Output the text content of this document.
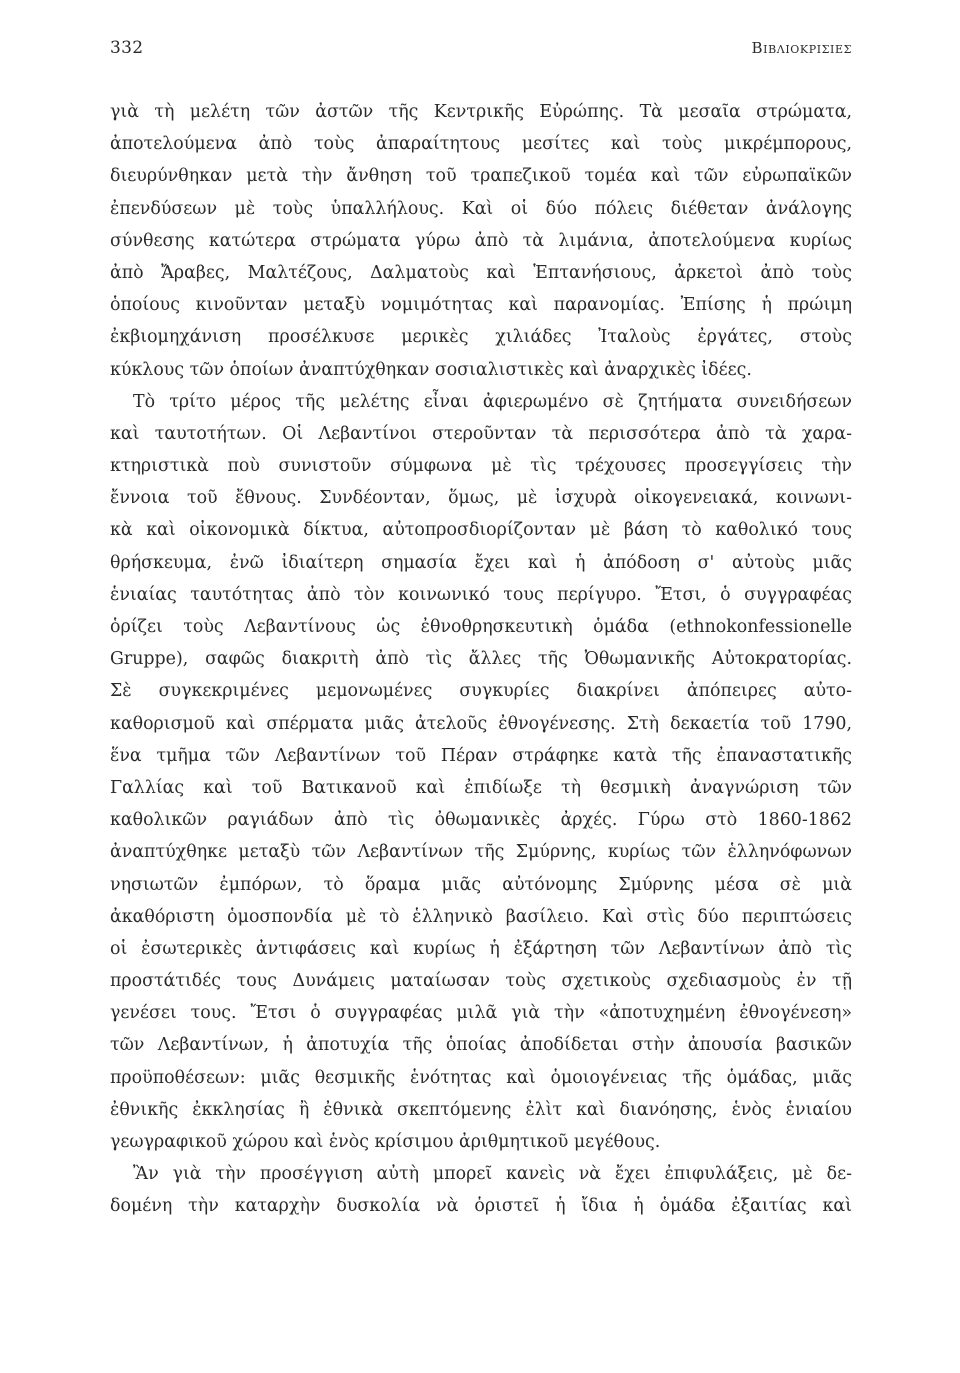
332	Βιβλιοκρισιεσ
γιὰ τὴ μελέτη τῶν ἀστῶν τῆς Κεντρικῆς Εὐρώπης. Τὰ μεσαῖα στρώματα,
ἀποτελούμενα ἀπὸ τοὺς ἀπαραίτητους μεσίτες καὶ τοὺς μικρέμπορους,
διευρύνθηκαν μετὰ τὴν ἄνθηση τοῦ τραπεζικοῦ τομέα καὶ τῶν εὐρωπαϊκῶν
ἐπενδύσεων μὲ τοὺς ὑπαλλήλους. Καὶ οἱ δύο πόλεις διέθεταν ἀνάλογης
σύνθεσης κατώτερα στρώματα γύρω ἀπὸ τὰ λιμάνια, ἀποτελούμενα κυρίως
ἀπὸ Ἄραβες, Μαλτέζους, Δαλματοὺς καὶ Ἑπτανήσιους, ἀρκετοὶ ἀπὸ τοὺς
ὁποίους κινοῦνταν μεταξὺ νομιμότητας καὶ παρανομίας. Ἐπίσης ἡ πρώιμη
ἐκβιομηχάνιση προσέλκυσε μερικὲς χιλιάδες Ἰταλοὺς ἐργάτες, στοὺς
κύκλους τῶν ὁποίων ἀναπτύχθηκαν σοσιαλιστικὲς καὶ ἀναρχικὲς ἰδέες.
Τὸ τρίτο μέρος τῆς μελέτης εἶναι ἀφιερωμένο σὲ ζητήματα συνειδήσεων
καὶ ταυτοτήτων. Οἱ Λεβαντίνοι στεροῦνταν τὰ περισσότερα ἀπὸ τὰ χαρα-
κτηριστικὰ ποὺ συνιστοῦν σύμφωνα μὲ τὶς τρέχουσες προσεγγίσεις τὴν
ἔννοια τοῦ ἔθνους. Συνδέονταν, ὅμως, μὲ ἰσχυρὰ οἰκογενειακά, κοινωνι-
κὰ καὶ οἰκονομικὰ δίκτυα, αὐτοπροσδιορίζονταν μὲ βάση τὸ καθολικό τους
θρήσκευμα, ἐνῶ ἰδιαίτερη σημασία ἔχει καὶ ἡ ἀπόδοση σ' αὐτοὺς μιᾶς
ἑνιαίας ταυτότητας ἀπὸ τὸν κοινωνικό τους περίγυρο. Ἔτσι, ὁ συγγραφέας
ὁρίζει τοὺς Λεβαντίνους ὡς ἐθνοθρησκευτικὴ ὁμάδα (ethnokonfessionelle
Gruppe), σαφῶς διακριτὴ ἀπὸ τὶς ἄλλες τῆς Ὀθωμανικῆς Αὐτοκρατορίας.
Σὲ συγκεκριμένες μεμονωμένες συγκυρίες διακρίνει ἀπόπειρες αὐτο-
καθορισμοῦ καὶ σπέρματα μιᾶς ἀτελοῦς ἐθνογένεσης. Στὴ δεκαετία τοῦ 1790,
ἕνα τμῆμα τῶν Λεβαντίνων τοῦ Πέραν στράφηκε κατὰ τῆς ἐπαναστατικῆς
Γαλλίας καὶ τοῦ Βατικανοῦ καὶ ἐπιδίωξε τὴ θεσμικὴ ἀναγνώριση τῶν
καθολικῶν ραγιάδων ἀπὸ τὶς ὀθωμανικὲς ἀρχές. Γύρω στὸ 1860-1862
ἀναπτύχθηκε μεταξὺ τῶν Λεβαντίνων τῆς Σμύρνης, κυρίως τῶν ἑλληνόφωνων
νησιωτῶν ἐμπόρων, τὸ ὅραμα μιᾶς αὐτόνομης Σμύρνης μέσα σὲ μιὰ
ἀκαθόριστη ὁμοσπονδία μὲ τὸ ἑλληνικὸ βασίλειο. Καὶ στὶς δύο περιπτώσεις
οἱ ἐσωτερικὲς ἀντιφάσεις καὶ κυρίως ἡ ἐξάρτηση τῶν Λεβαντίνων ἀπὸ τὶς
προστάτιδές τους Δυνάμεις ματαίωσαν τοὺς σχετικοὺς σχεδιασμοὺς ἐν τῇ
γενέσει τους. Ἔτσι ὁ συγγραφέας μιλᾶ γιὰ τὴν «ἀποτυχημένη ἐθνογένεση»
τῶν Λεβαντίνων, ἡ ἀποτυχία τῆς ὁποίας ἀποδίδεται στὴν ἀπουσία βασικῶν
προϋποθέσεων: μιᾶς θεσμικῆς ἑνότητας καὶ ὁμοιογένειας τῆς ὁμάδας, μιᾶς
ἐθνικῆς ἐκκλησίας ἢ ἐθνικὰ σκεπτόμενης ἐλὶτ καὶ διανόησης, ἑνὸς ἑνιαίου
γεωγραφικοῦ χώρου καὶ ἑνὸς κρίσιμου ἀριθμητικοῦ μεγέθους.
Ἂν γιὰ τὴν προσέγγιση αὐτὴ μπορεῖ κανεὶς νὰ ἔχει ἐπιφυλάξεις, μὲ δε-
δομένη τὴν καταρχὴν δυσκολία νὰ ὁριστεῖ ἡ ἴδια ἡ ὁμάδα ἐξαιτίας καὶ
